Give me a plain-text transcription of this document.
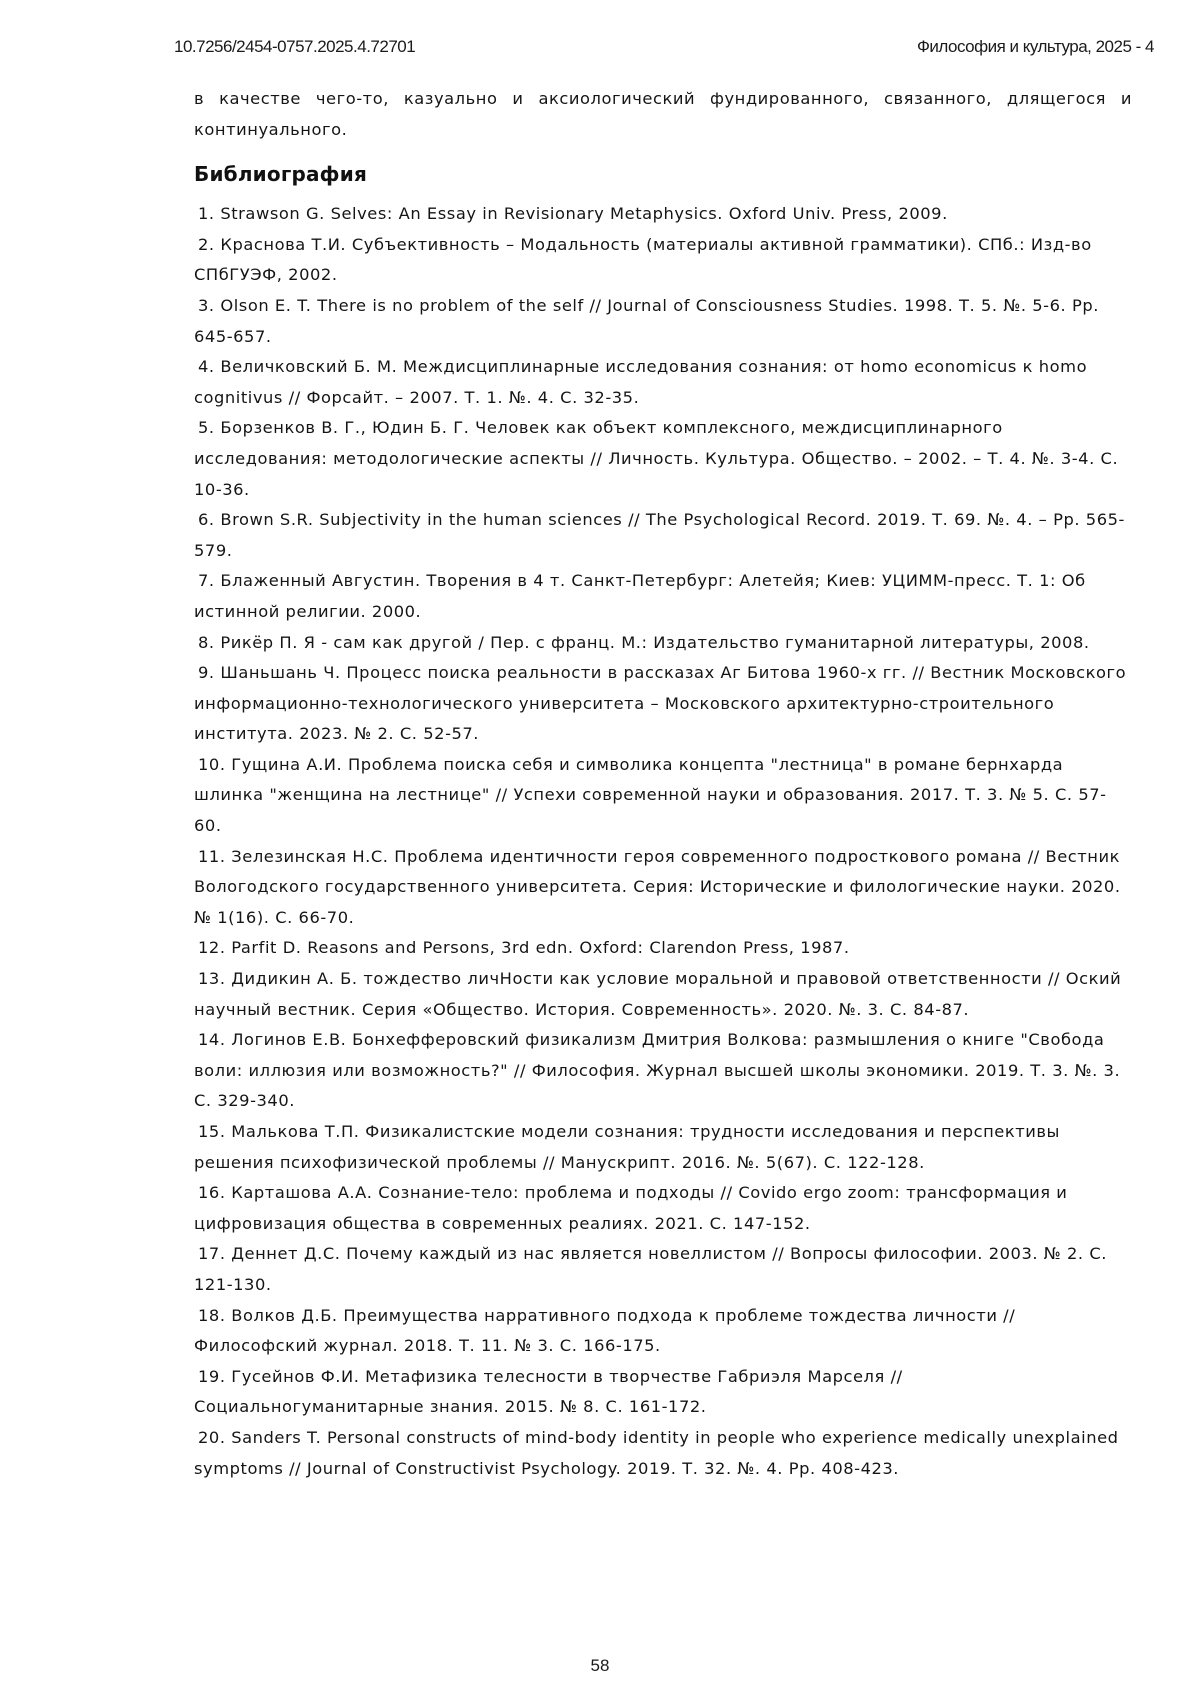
10.7256/2454-0757.2025.4.72701	Философия и культура, 2025 - 4

в качестве чего-то, казуально и аксиологический фундированного, связанного, длящегося и континуального.

Библиография
1. Strawson G. Selves: An Essay in Revisionary Metaphysics. Oxford Univ. Press, 2009.
2. Краснова Т.И. Субъективность – Модальность (материалы активной грамматики). СПб.: Изд-во СПбГУЭФ, 2002.
3. Olson E. T. There is no problem of the self // Journal of Consciousness Studies. 1998. Т. 5. №. 5-6. Рр. 645-657.
4. Величковский Б. М. Междисциплинарные исследования сознания: от homo economicus к homo cognitivus // Форсайт. – 2007. Т. 1. №. 4. С. 32-35.
5. Борзенков В. Г., Юдин Б. Г. Человек как объект комплексного, междисциплинарного исследования: методологические аспекты // Личность. Культура. Общество. – 2002. – Т. 4. №. 3-4. С. 10-36.
6. Brown S.R. Subjectivity in the human sciences // The Psychological Record. 2019. Т. 69. №. 4. – Рр. 565-579.
7. Блаженный Августин. Творения в 4 т. Санкт-Петербург: Алетейя; Киев: УЦИММ-пресс. Т. 1: Об истинной религии. 2000.
8. Рикёр П. Я - сам как другой / Пер. с франц. М.: Издательство гуманитарной литературы, 2008.
9. Шаньшань Ч. Процесс поиска реальности в рассказах Аг Битова 1960-х гг. // Вестник Московского информационно-технологического университета – Московского архитектурно-строительного института. 2023. № 2. С. 52-57.
10. Гущина А.И. Проблема поиска себя и символика концепта "лестница" в романе бернхарда шлинка "женщина на лестнице" // Успехи современной науки и образования. 2017. Т. 3. № 5. С. 57-60.
11. Зелезинская Н.С. Проблема идентичности героя современного подросткового романа // Вестник Вологодского государственного университета. Серия: Исторические и филологические науки. 2020. № 1(16). С. 66-70.
12. Parfit D. Reasons and Persons, 3rd edn. Oxford: Clarendon Press, 1987.
13. Дидикин А. Б. тождество личНости как условие моральной и правовой ответственности // Оский научный вестник. Серия «Общество. История. Современность». 2020. №. 3. С. 84-87.
14. Логинов Е.В. Бонхефферовский физикализм Дмитрия Волкова: размышления о книге "Свобода воли: иллюзия или возможность?" // Философия. Журнал высшей школы экономики. 2019. Т. 3. №. 3. С. 329-340.
15. Малькова Т.П. Физикалистские модели сознания: трудности исследования и перспективы решения психофизической проблемы // Манускрипт. 2016. №. 5(67). С. 122-128.
16. Карташова А.А. Сознание-тело: проблема и подходы // Covido ergo zoom: трансформация и цифровизация общества в современных реалиях. 2021. С. 147-152.
17. Деннет Д.С. Почему каждый из нас является новеллистом // Вопросы философии. 2003. № 2. С. 121-130.
18. Волков Д.Б. Преимущества нарративного подхода к проблеме тождества личности // Философский журнал. 2018. Т. 11. № 3. С. 166-175.
19. Гусейнов Ф.И. Метафизика телесности в творчестве Габриэля Марселя // Социальногуманитарные знания. 2015. № 8. С. 161-172.
20. Sanders T. Personal constructs of mind-body identity in people who experience medically unexplained symptoms // Journal of Constructivist Psychology. 2019. Т. 32. №. 4. Рр. 408-423.
58
